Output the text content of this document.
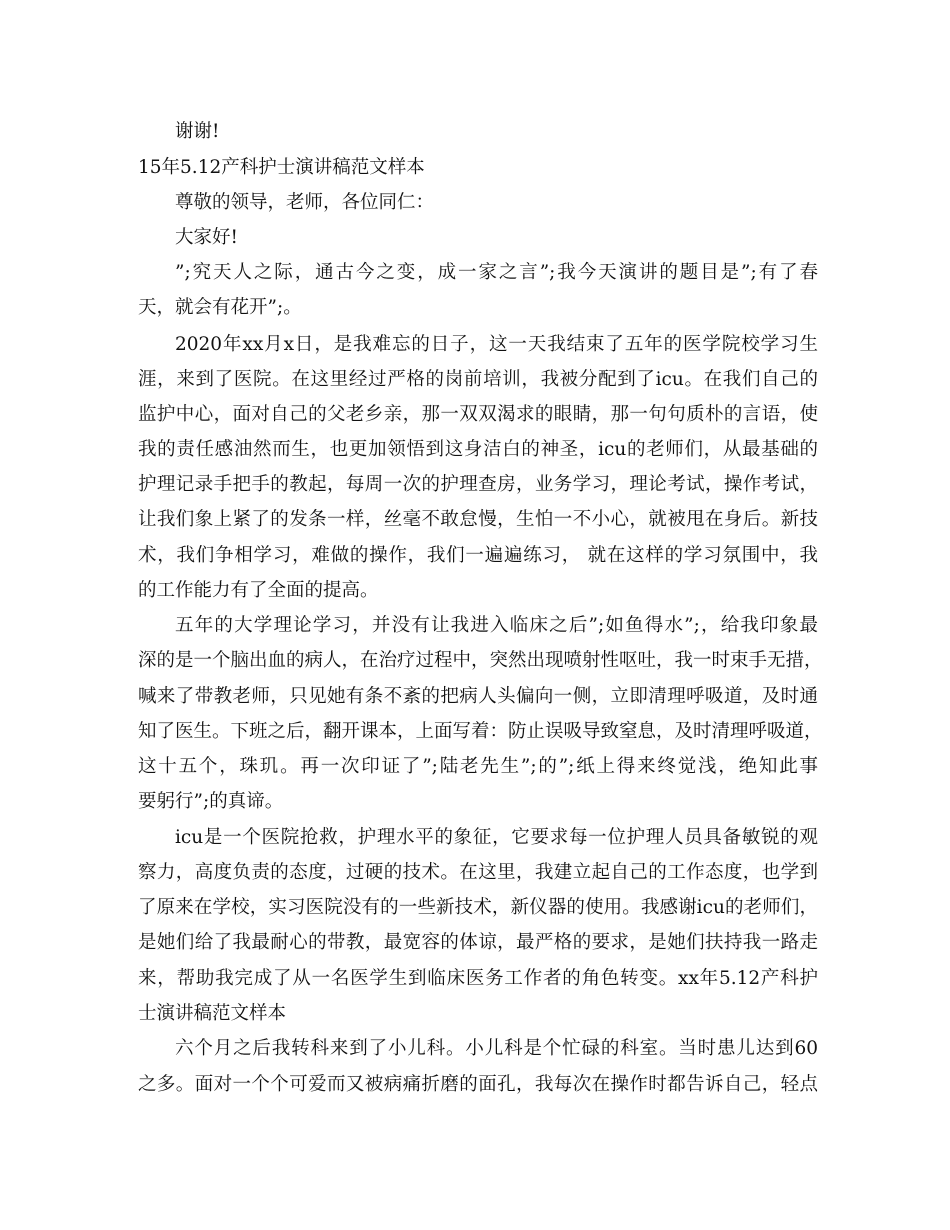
谢谢!
15年5.12产科护士演讲稿范文样本
尊敬的领导，老师，各位同仁：
大家好!
”;究天人之际，通古今之变，成一家之言”;我今天演讲的题目是”;有了春
天，就会有花开”;。
2020年xx月x日，是我难忘的日子，这一天我结束了五年的医学院校学习生
涯，来到了医院。在这里经过严格的岗前培训，我被分配到了icu。在我们自己的
监护中心，面对自己的父老乡亲，那一双双渴求的眼睛，那一句句质朴的言语，使
我的责任感油然而生，也更加领悟到这身洁白的神圣，icu的老师们，从最基础的
护理记录手把手的教起，每周一次的护理查房，业务学习，理论考试，操作考试，
让我们象上紧了的发条一样，丝毫不敢怠慢，生怕一不小心，就被甩在身后。新技
术，我们争相学习，难做的操作，我们一遍遍练习， 就在这样的学习氛围中，我
的工作能力有了全面的提高。
五年的大学理论学习，并没有让我进入临床之后”;如鱼得水”;，给我印象最
深的是一个脑出血的病人，在治疗过程中，突然出现喷射性呕吐，我一时束手无措，
喊来了带教老师，只见她有条不紊的把病人头偏向一侧，立即清理呼吸道，及时通
知了医生。下班之后，翻开课本，上面写着：防止误吸导致窒息，及时清理呼吸道，
这十五个，珠玑。再一次印证了”;陆老先生”;的”;纸上得来终觉浅，绝知此事
要躬行”;的真谛。
icu是一个医院抢救，护理水平的象征，它要求每一位护理人员具备敏锐的观
察力，高度负责的态度，过硬的技术。在这里，我建立起自己的工作态度，也学到
了原来在学校，实习医院没有的一些新技术，新仪器的使用。我感谢icu的老师们，
是她们给了我最耐心的带教，最宽容的体谅，最严格的要求，是她们扶持我一路走
来，帮助我完成了从一名医学生到临床医务工作者的角色转变。xx年5.12产科护
士演讲稿范文样本
六个月之后我转科来到了小儿科。小儿科是个忙碌的科室。当时患儿达到60
之多。面对一个个可爱而又被病痛折磨的面孔，我每次在操作时都告诉自己，轻点
